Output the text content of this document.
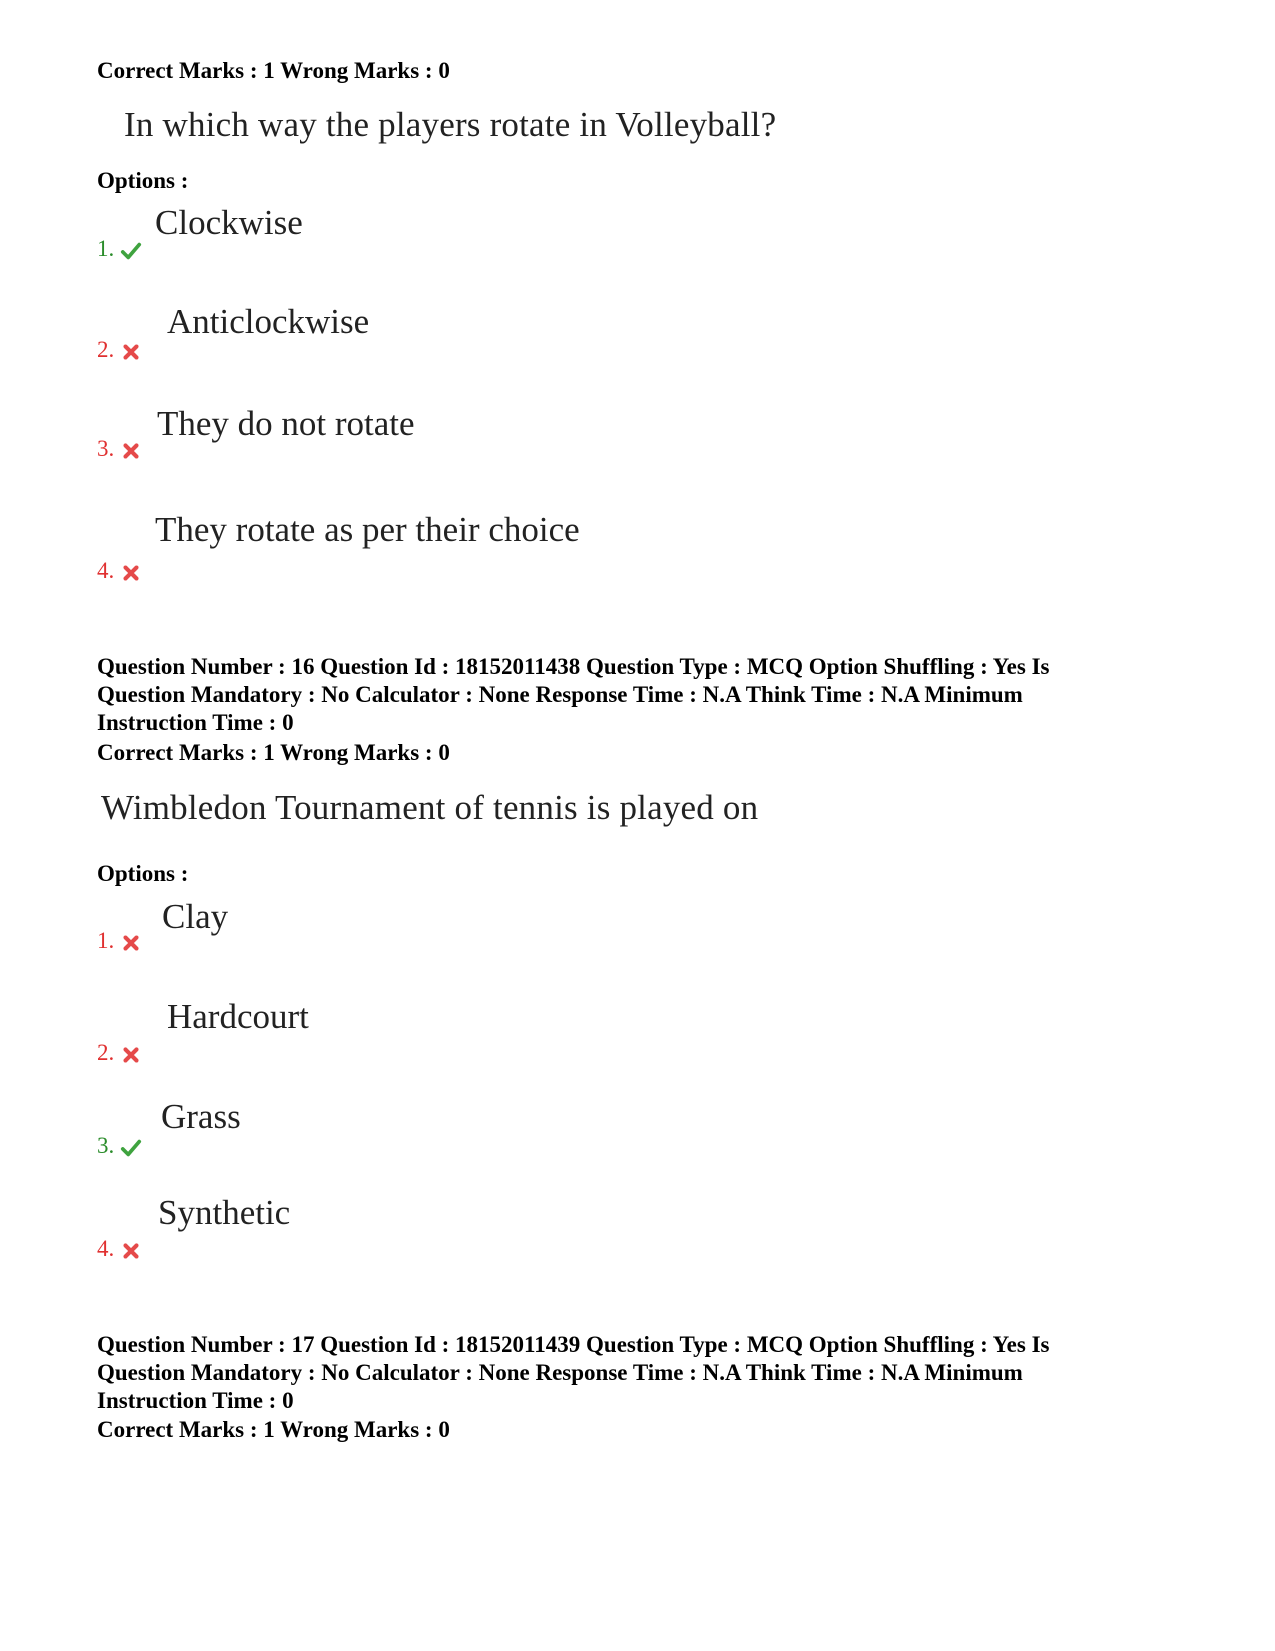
Correct Marks : 1 Wrong Marks : 0
In which way the players rotate in Volleyball?
Options :
Clockwise
1.
Anticlockwise
2.
They do not rotate
3.
They rotate as per their choice
4.
Question Number : 16 Question Id : 18152011438 Question Type : MCQ Option Shuffling : Yes Is
Question Mandatory : No Calculator : None Response Time : N.A Think Time : N.A Minimum
Instruction Time : 0
Correct Marks : 1 Wrong Marks : 0
Wimbledon Tournament of tennis is played on
Options :
Clay
1.
Hardcourt
2.
Grass
3.
Synthetic
4.
Question Number : 17 Question Id : 18152011439 Question Type : MCQ Option Shuffling : Yes Is
Question Mandatory : No Calculator : None Response Time : N.A Think Time : N.A Minimum
Instruction Time : 0
Correct Marks : 1 Wrong Marks : 0
